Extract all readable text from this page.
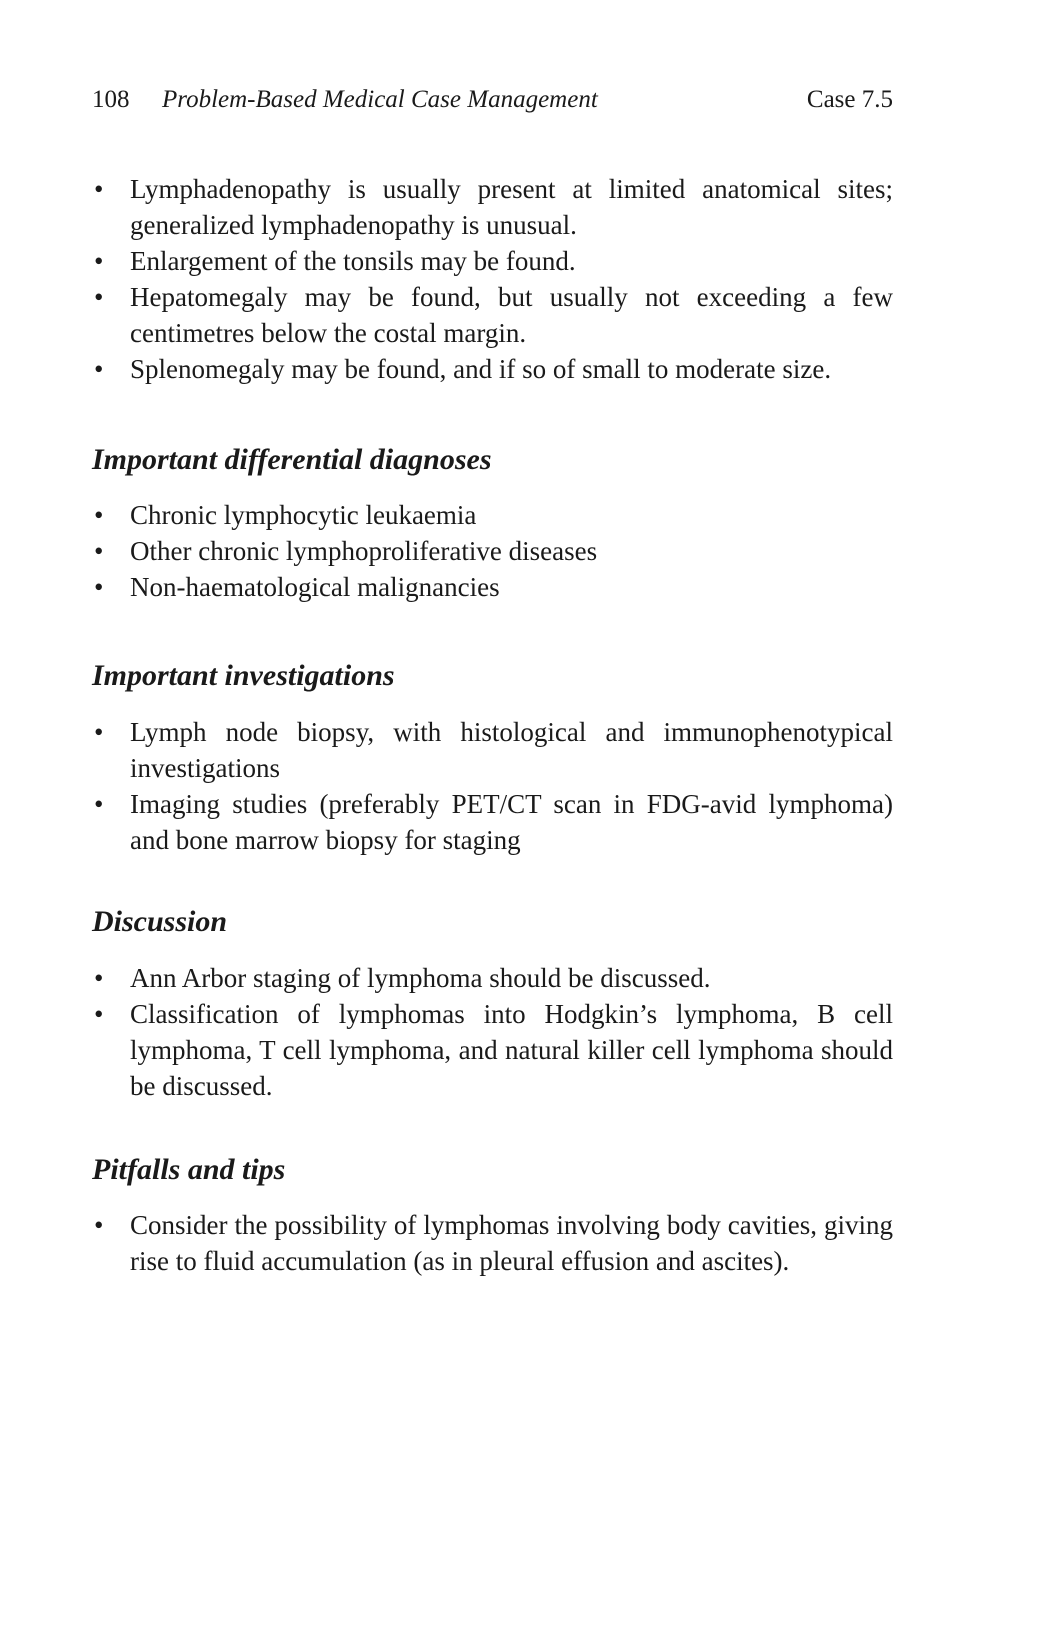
108 Problem-Based Medical Case Management	Case 7.5
• Lymphadenopathy is usually present at limited anatomical sites; generalized lymphadenopathy is unusual.
• Enlargement of the tonsils may be found.
• Hepatomegaly may be found, but usually not exceeding a few centimetres below the costal margin.
• Splenomegaly may be found, and if so of small to moderate size.
Important differential diagnoses
• Chronic lymphocytic leukaemia
• Other chronic lymphoproliferative diseases
• Non-haematological malignancies
Important investigations
• Lymph node biopsy, with histological and immunophenotypical investigations
• Imaging studies (preferably PET/CT scan in FDG-avid lymphoma) and bone marrow biopsy for staging
Discussion
• Ann Arbor staging of lymphoma should be discussed.
• Classification of lymphomas into Hodgkin’s lymphoma, B cell lymphoma, T cell lymphoma, and natural killer cell lymphoma should be discussed.
Pitfalls and tips
• Consider the possibility of lymphomas involving body cavities, giving rise to fluid accumulation (as in pleural effusion and ascites).
